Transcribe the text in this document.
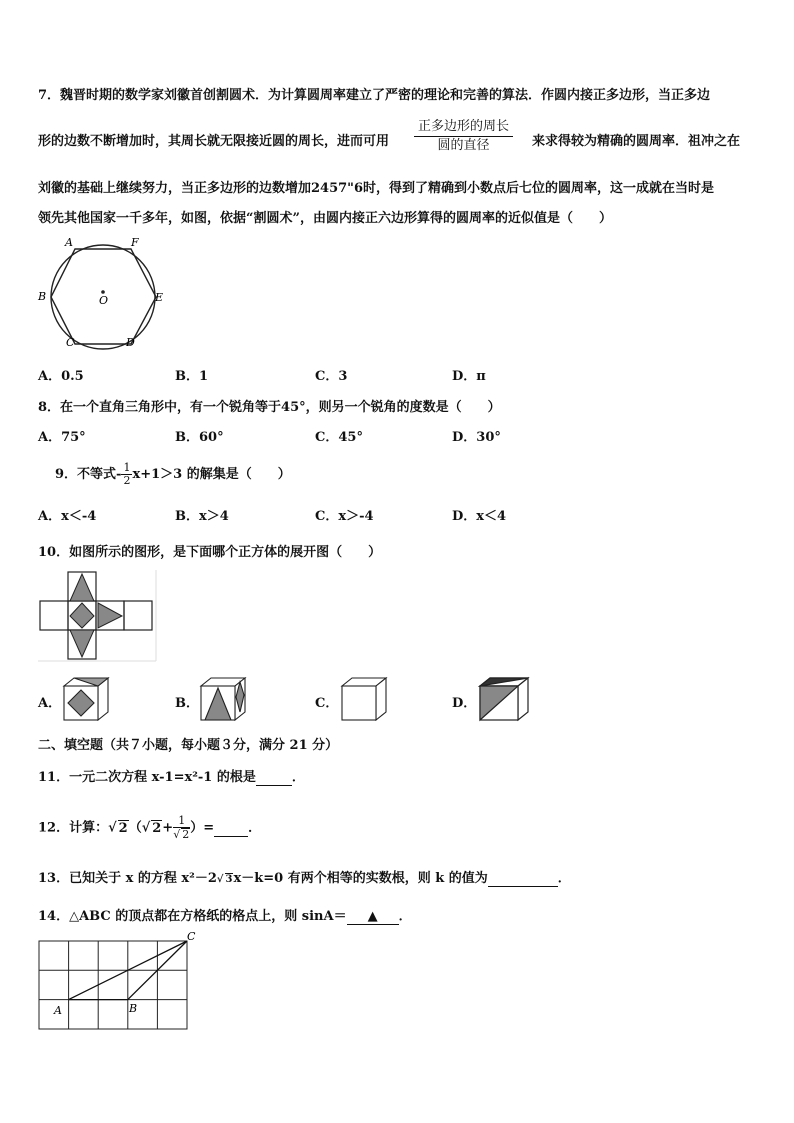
7．魏晋时期的数学家刘徽首创割圆术．为计算圆周率建立了严密的理论和完善的算法．作圆内接正多边形，当正多边
形的边数不断增加时，其周长就无限接近圆的周长，进而可用
正多边形的周长
圆的直径	来求得较为精确的圆周率．祖冲之在
刘徽的基础上继续努力，当正多边形的边数增加2457"6时，得到了精确到小数点后七位的圆周率，这一成就在当时是
领先其他国家一千多年，如图，依据“割圆术”，由圆内接正六边形算得的圆周率的近似值是（　　）
A	F
B	O	E
C	D
A．0.5	B．1	C．3	D．π
8．在一个直角三角形中，有一个锐角等于45°，则另一个锐角的度数是（　　）
A．75°	B．60°	C．45°	D．30°
9．不等式- $\frac{1}{2} x+1>3$ 的解集是（　　）
A．x＜-4	B．x＞4	C．x＞-4	D．x＜4
10．如图所示的图形，是下面哪个正方体的展开图（　　）
A．	B．	C．	D．
二、填空题（共７小题，每小题３分，满分 21 分）
11．一元二次方程 x-1=x²-1 的根是	．
12．计算：√ 2（√ $2+ \frac{1}{√ 2}$ ）=	．
13．已知关于 x 的方程 x²－2√ 3x－k=0 有两个相等的实数根，则 k 的值为	．
14．△ABC 的顶点都在方格纸的格点上，则 sinA＝ ▲ ．
A	B
C
